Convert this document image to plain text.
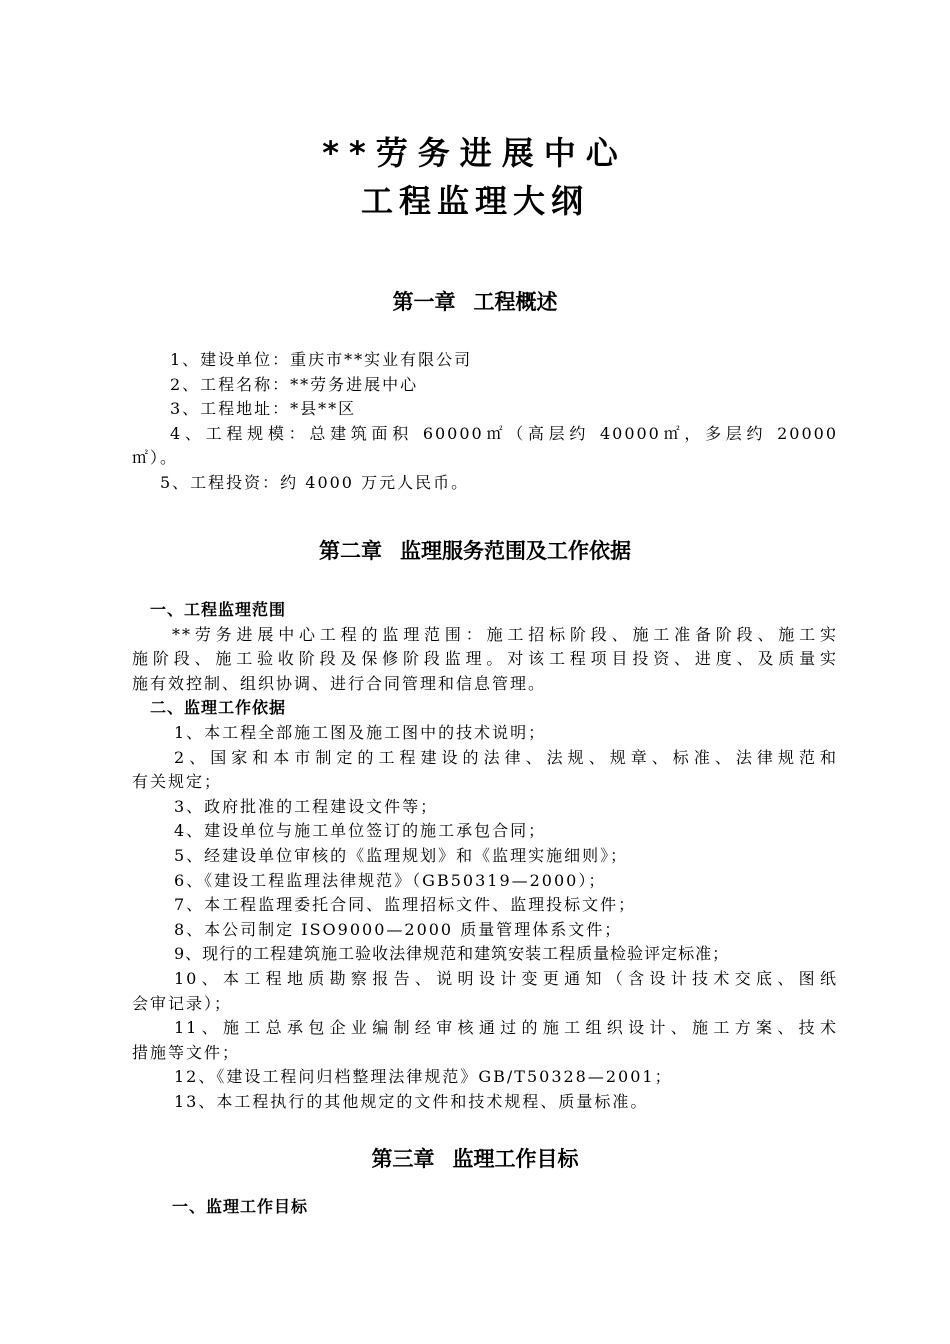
**劳务进展中心
工程监理大纲
第一章 工程概述
1、建设单位：重庆市**实业有限公司
2、工程名称：**劳务进展中心
3、工程地址：*县**区
4、工程规模：总建筑面积 60000㎡（高层约 40000㎡，多层约 20000
㎡）。
5、工程投资：约 4000 万元人民币。
第二章 监理服务范围及工作依据
一、工程监理范围
**劳务进展中心工程的监理范围：施工招标阶段、施工准备阶段、施工实
施阶段、施工验收阶段及保修阶段监理。对该工程项目投资、进度、及质量实
施有效控制、组织协调、进行合同管理和信息管理。
二、监理工作依据
1、本工程全部施工图及施工图中的技术说明；
2、国家和本市制定的工程建设的法律、法规、规章、标准、法律规范和
有关规定；
3、政府批准的工程建设文件等；
4、建设单位与施工单位签订的施工承包合同；
5、经建设单位审核的《监理规划》和《监理实施细则》；
6、《建设工程监理法律规范》（GB50319—2000）；
7、本工程监理委托合同、监理招标文件、监理投标文件；
8、本公司制定 ISO9000—2000 质量管理体系文件；
9、现行的工程建筑施工验收法律规范和建筑安装工程质量检验评定标准；
10、本工程地质勘察报告、说明设计变更通知（含设计技术交底、图纸
会审记录）；
11、施工总承包企业编制经审核通过的施工组织设计、施工方案、技术
措施等文件；
12、《建设工程问归档整理法律规范》GB/T50328—2001；
13、本工程执行的其他规定的文件和技术规程、质量标准。
第三章 监理工作目标
一、监理工作目标
